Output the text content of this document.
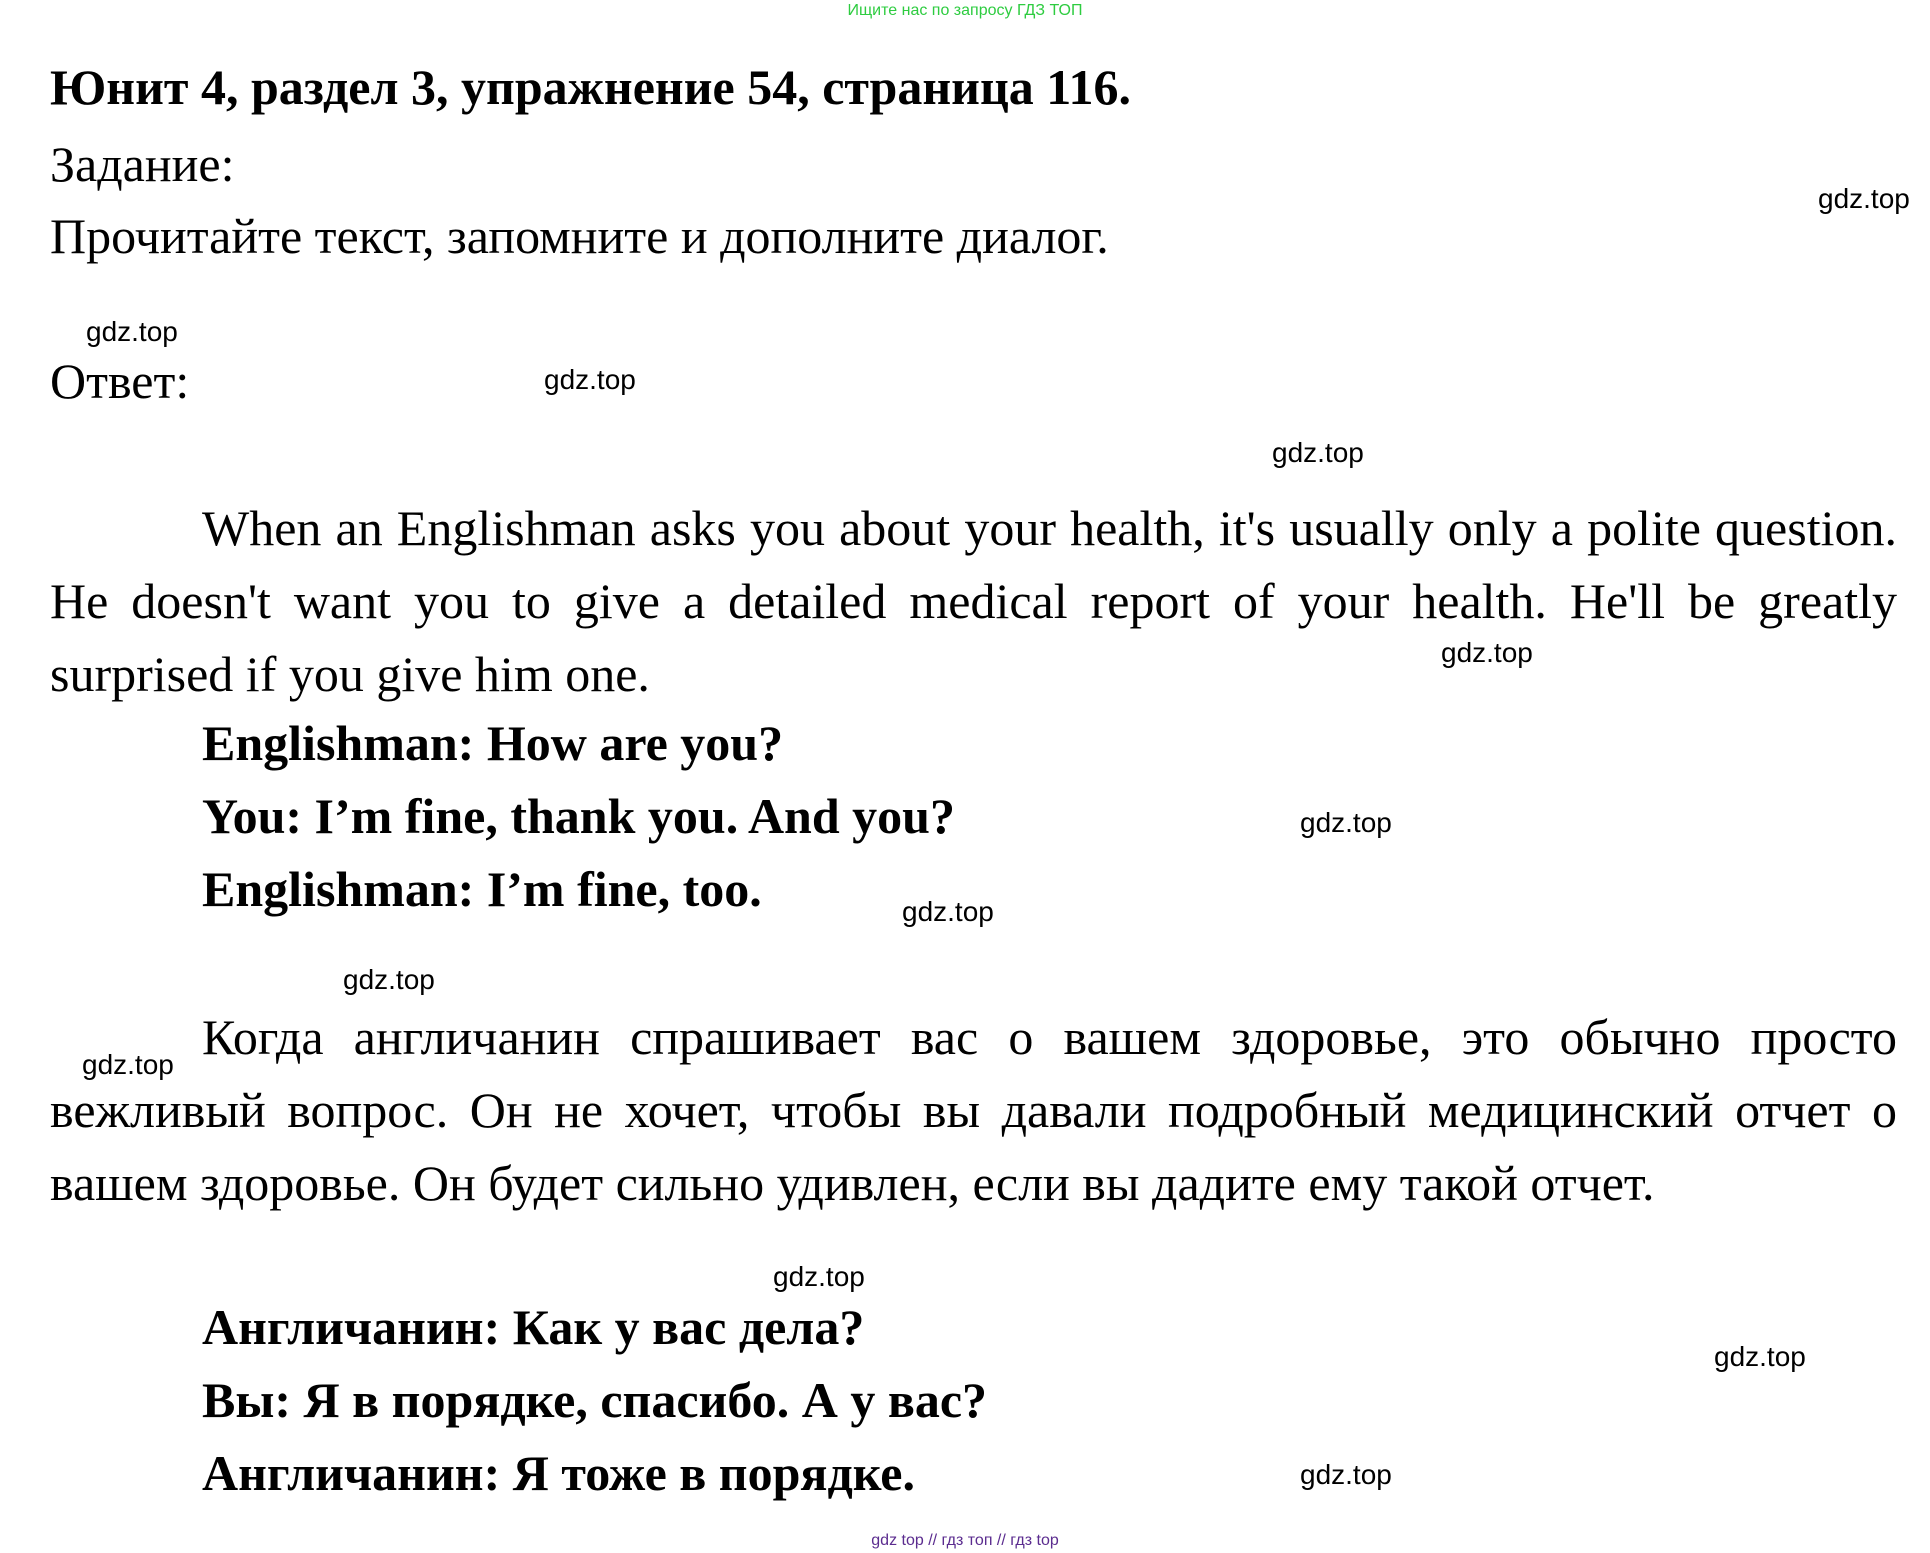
Ищите нас по запросу ГДЗ ТОП
Юнит 4, раздел 3, упражнение 54, страница 116.
Задание:
Прочитайте текст, запомните и дополните диалог.
Ответ:

When an Englishman asks you about your health, it's usually only a polite question. He doesn't want you to give a detailed medical report of your health. He'll be greatly surprised if you give him one.

Englishman: How are you?
You: I’m fine, thank you. And you?
Englishman: I’m fine, too.

Когда англичанин спрашивает вас о вашем здоровье, это обычно просто вежливый вопрос. Он не хочет, чтобы вы давали подробный медицинский отчет о вашем здоровье. Он будет сильно удивлен, если вы дадите ему такой отчет.

Англичанин: Как у вас дела?
Вы: Я в порядке, спасибо. А у вас?
Англичанин: Я тоже в порядке.
gdz.top
gdz.top
gdz.top
gdz.top
gdz.top
gdz.top
gdz.top
gdz.top
gdz.top
gdz.top
gdz.top
gdz.top
gdz top // гдз топ // гдз top
